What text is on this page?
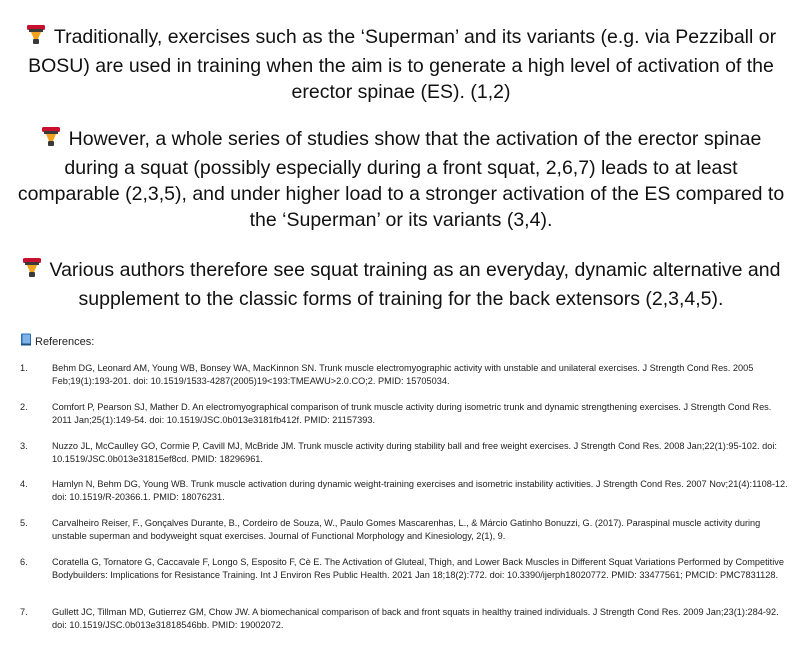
Traditionally, exercises such as the ‘Superman’ and its variants (e.g. via Pezziball or BOSU) are used in training when the aim is to generate a high level of activation of the erector spinae (ES). (1,2)
However, a whole series of studies show that the activation of the erector spinae during a squat (possibly especially during a front squat, 2,6,7) leads to at least comparable (2,3,5), and under higher load to a stronger activation of the ES compared to the ‘Superman’ or its variants (3,4).
Various authors therefore see squat training as an everyday, dynamic alternative and supplement to the classic forms of training for the back extensors (2,3,4,5).
References:
1.	Behm DG, Leonard AM, Young WB, Bonsey WA, MacKinnon SN. Trunk muscle electromyographic activity with unstable and unilateral exercises. J Strength Cond Res. 2005 Feb;19(1):193-201. doi: 10.1519/1533-4287(2005)19<193:TMEAWU>2.0.CO;2. PMID: 15705034.
2.	Comfort P, Pearson SJ, Mather D. An electromyographical comparison of trunk muscle activity during isometric trunk and dynamic strengthening exercises. J Strength Cond Res. 2011 Jan;25(1):149-54. doi: 10.1519/JSC.0b013e3181fb412f. PMID: 21157393.
3.	Nuzzo JL, McCaulley GO, Cormie P, Cavill MJ, McBride JM. Trunk muscle activity during stability ball and free weight exercises. J Strength Cond Res. 2008 Jan;22(1):95-102. doi: 10.1519/JSC.0b013e31815ef8cd. PMID: 18296961.
4.	Hamlyn N, Behm DG, Young WB. Trunk muscle activation during dynamic weight-training exercises and isometric instability activities. J Strength Cond Res. 2007 Nov;21(4):1108-12. doi: 10.1519/R-20366.1. PMID: 18076231.
5.	Carvalheiro Reiser, F., Gonçalves Durante, B., Cordeiro de Souza, W., Paulo Gomes Mascarenhas, L., & Márcio Gatinho Bonuzzi, G. (2017). Paraspinal muscle activity during unstable superman and bodyweight squat exercises. Journal of Functional Morphology and Kinesiology, 2(1), 9.
6.	Coratella G, Tornatore G, Caccavale F, Longo S, Esposito F, Cè E. The Activation of Gluteal, Thigh, and Lower Back Muscles in Different Squat Variations Performed by Competitive Bodybuilders: Implications for Resistance Training. Int J Environ Res Public Health. 2021 Jan 18;18(2):772. doi: 10.3390/ijerph18020772. PMID: 33477561; PMCID: PMC7831128.
7.	Gullett JC, Tillman MD, Gutierrez GM, Chow JW. A biomechanical comparison of back and front squats in healthy trained individuals. J Strength Cond Res. 2009 Jan;23(1):284-92. doi: 10.1519/JSC.0b013e31818546bb. PMID: 19002072.
